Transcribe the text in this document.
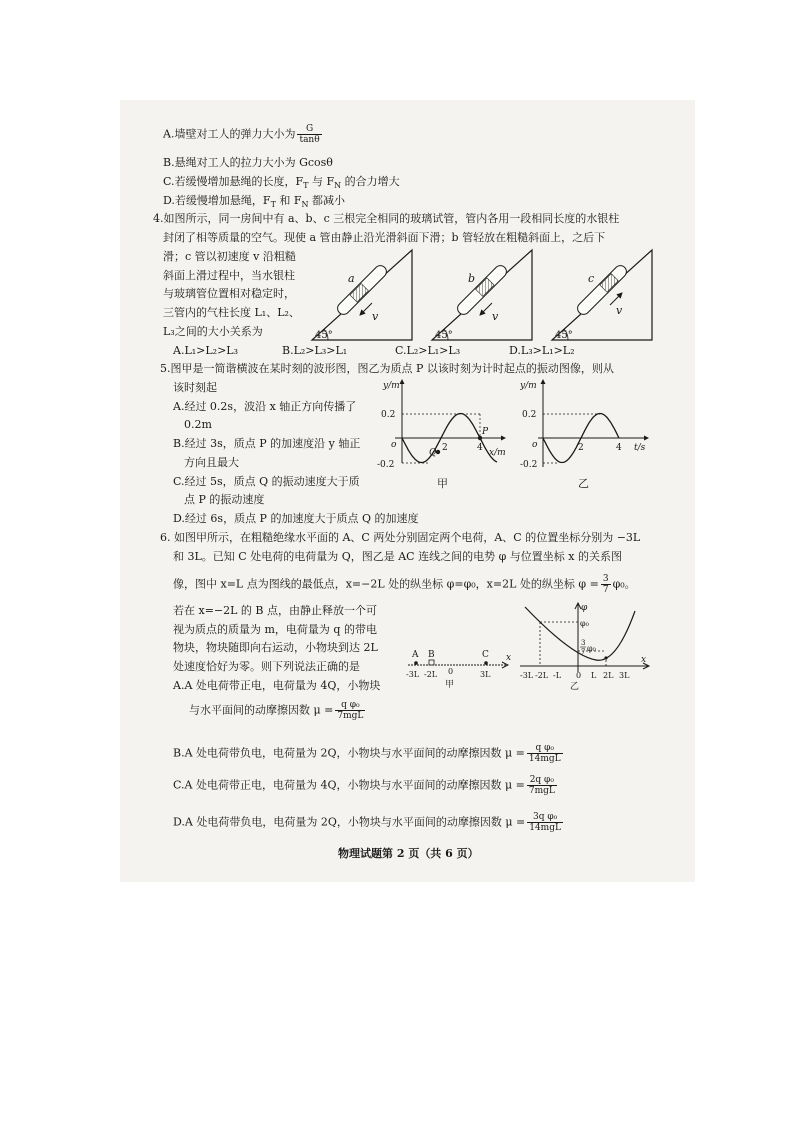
A.墙壁对工人的弹力大小为 $\frac{G}{\tan\theta}$
B.悬绳对工人的拉力大小为 Gcosθ
C.若缓慢增加悬绳的长度，$F_T$ 与 $F_N$ 的合力增大
D.若缓慢增加悬绳，$F_T$ 和 $F_N$ 都减小
4.如图所示，同一房间中有 a、b、c 三根完全相同的玻璃试管，管内各用一段相同长度的水银柱
封闭了相等质量的空气。现使 a 管由静止沿光滑斜面下滑；b 管轻放在粗糙斜面上，之后下
滑；c 管以初速度 v 沿粗糙
斜面上滑过程中，当水银柱
与玻璃管位置相对稳定时，
三管内的气柱长度 L₁、L₂、
L₃之间的大小关系为	45°
a
v
45°
b
v
45°
c
v
A.L₁>L₂>L₃	B.L₂>L₃>L₁	C.L₂>L₁>L₃	D.L₃>L₁>L₂
5.图甲是一简谐横波在某时刻的波形图，图乙为质点 P 以该时刻为计时起点的振动图像，则从
该时刻起
A.经过 0.2s，波沿 x 轴正方向传播了
0.2m
B.经过 3s，质点 P 的加速度沿 y 轴正
方向且最大
C.经过 5s，质点 Q 的振动速度大于质
点 P 的振动速度
D.经过 6s，质点 P 的加速度大于质点 Q 的加速度
y/m
x/m
0.2
-0.2
o
Q
P
2	4
甲
y/m
t/s
0.2
-0.2
o	2	4
乙
6. 如图甲所示，在粗糙绝缘水平面的 A、C 两处分别固定两个电荷，A、C 的位置坐标分别为 −3L
和 3L。已知 C 处电荷的电荷量为 Q，图乙是 AC 连线之间的电势 φ 与位置坐标 x 的关系图
像，图中 x=L 点为图线的最低点，x=−2L 处的纵坐标 φ=φ₀，x=2L 处的纵坐标 $\varphi = \frac{3}{7} \varphi_0$。
若在 x=−2L 的 B 点，由静止释放一个可
视为质点的质量为 m，电荷量为 q 的带电
物块，物块随即向右运动，小物块到达 2L
处速度恰好为零。则下列说法正确的是
A.A 处电荷带正电，电荷量为 4Q，小物块
与水平面间的动摩擦因数 $\mu = \frac{\text{q φ₀}}{\text{7mgL}}$
B.A 处电荷带负电，电荷量为 2Q，小物块与水平面间的动摩擦因数 $\mu = \frac{\text{q φ₀}}{\text{14mgL}}$
C.A 处电荷带正电，电荷量为 4Q，小物块与水平面间的动摩擦因数 $\mu = \frac{\text{2q φ₀}}{\text{7mgL}}$
D.A 处电荷带负电，电荷量为 2Q，小物块与水平面间的动摩擦因数 $\mu = \frac{\text{3q φ₀}}{\text{14mgL}}$
A B	C x
-3L -2L 0	3L
甲
φ
x
φ₀
3
7 φ₀
-3L -2L -L 0 L 2L 3L
乙
物理试题第 2 页（共 6 页）
